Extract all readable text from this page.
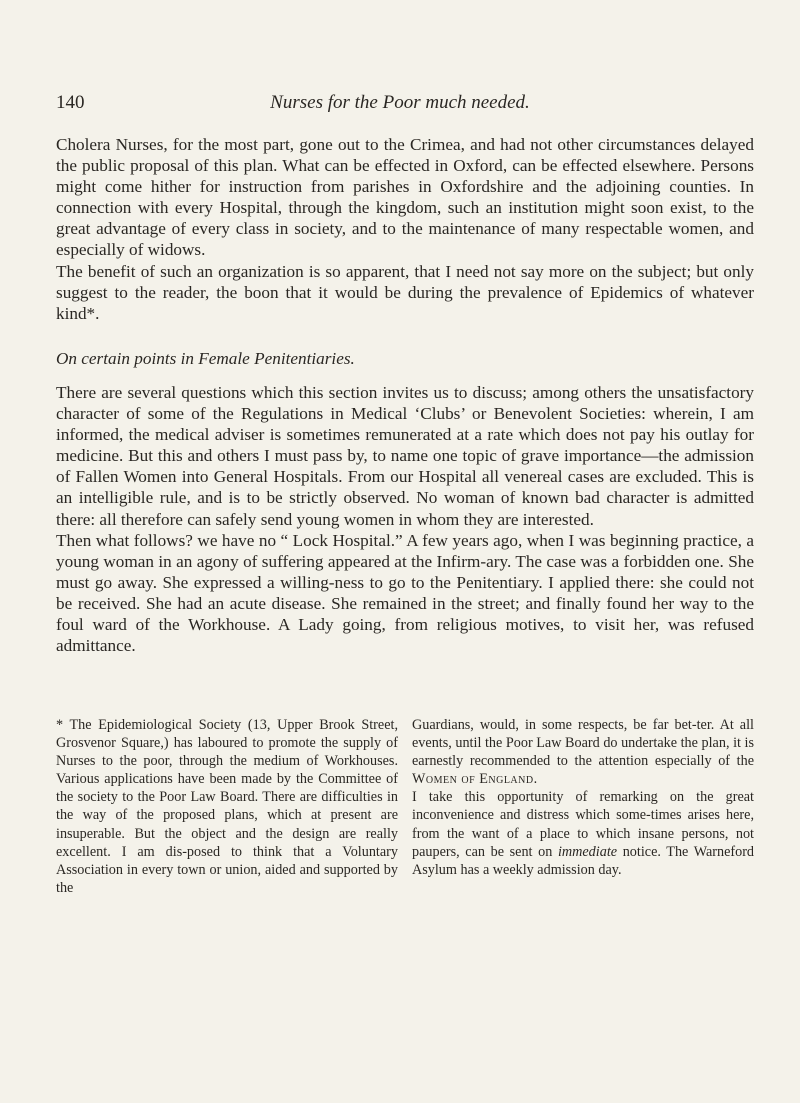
140	Nurses for the Poor much needed.

Cholera Nurses, for the most part, gone out to the Crimea, and had not other circumstances delayed the public proposal of this plan. What can be effected in Oxford, can be effected elsewhere. Persons might come hither for instruction from parishes in Oxfordshire and the adjoining counties. In connection with every Hospital, through the kingdom, such an institution might soon exist, to the great advantage of every class in society, and to the maintenance of many respectable women, and especially of widows.

The benefit of such an organization is so apparent, that I need not say more on the subject; but only suggest to the reader, the boon that it would be during the prevalence of Epidemics of whatever kind*.

On certain points in Female Penitentiaries.

There are several questions which this section invites us to discuss; among others the unsatisfactory character of some of the Regulations in Medical ‘Clubs’ or Benevolent Societies: wherein, I am informed, the medical adviser is sometimes remunerated at a rate which does not pay his outlay for medicine. But this and others I must pass by, to name one topic of grave importance—the admission of Fallen Women into General Hospitals. From our Hospital all venereal cases are excluded. This is an intelligible rule, and is to be strictly observed. No woman of known bad character is admitted there: all therefore can safely send young women in whom they are interested.

Then what follows? we have no “ Lock Hospital.” A few years ago, when I was beginning practice, a young woman in an agony of suffering appeared at the Infirm-ary. The case was a forbidden one. She must go away. She expressed a willing-ness to go to the Penitentiary. I applied there: she could not be received. She had an acute disease. She remained in the street; and finally found her way to the foul ward of the Workhouse. A Lady going, from religious motives, to visit her, was refused admittance.

* The Epidemiological Society (13, Upper Brook Street, Grosvenor Square,) has laboured to promote the supply of Nurses to the poor, through the medium of Workhouses. Various applications have been made by the Committee of the society to the Poor Law Board. There are difficulties in the way of the proposed plans, which at present are insuperable. But the object and the design are really excellent. I am dis-posed to think that a Voluntary Association in every town or union, aided and supported by the

Guardians, would, in some respects, be far bet-ter. At all events, until the Poor Law Board do undertake the plan, it is earnestly recommended to the attention especially of the Women of England.

I take this opportunity of remarking on the great inconvenience and distress which some-times arises here, from the want of a place to which insane persons, not paupers, can be sent on immediate notice. The Warneford Asylum has a weekly admission day.
